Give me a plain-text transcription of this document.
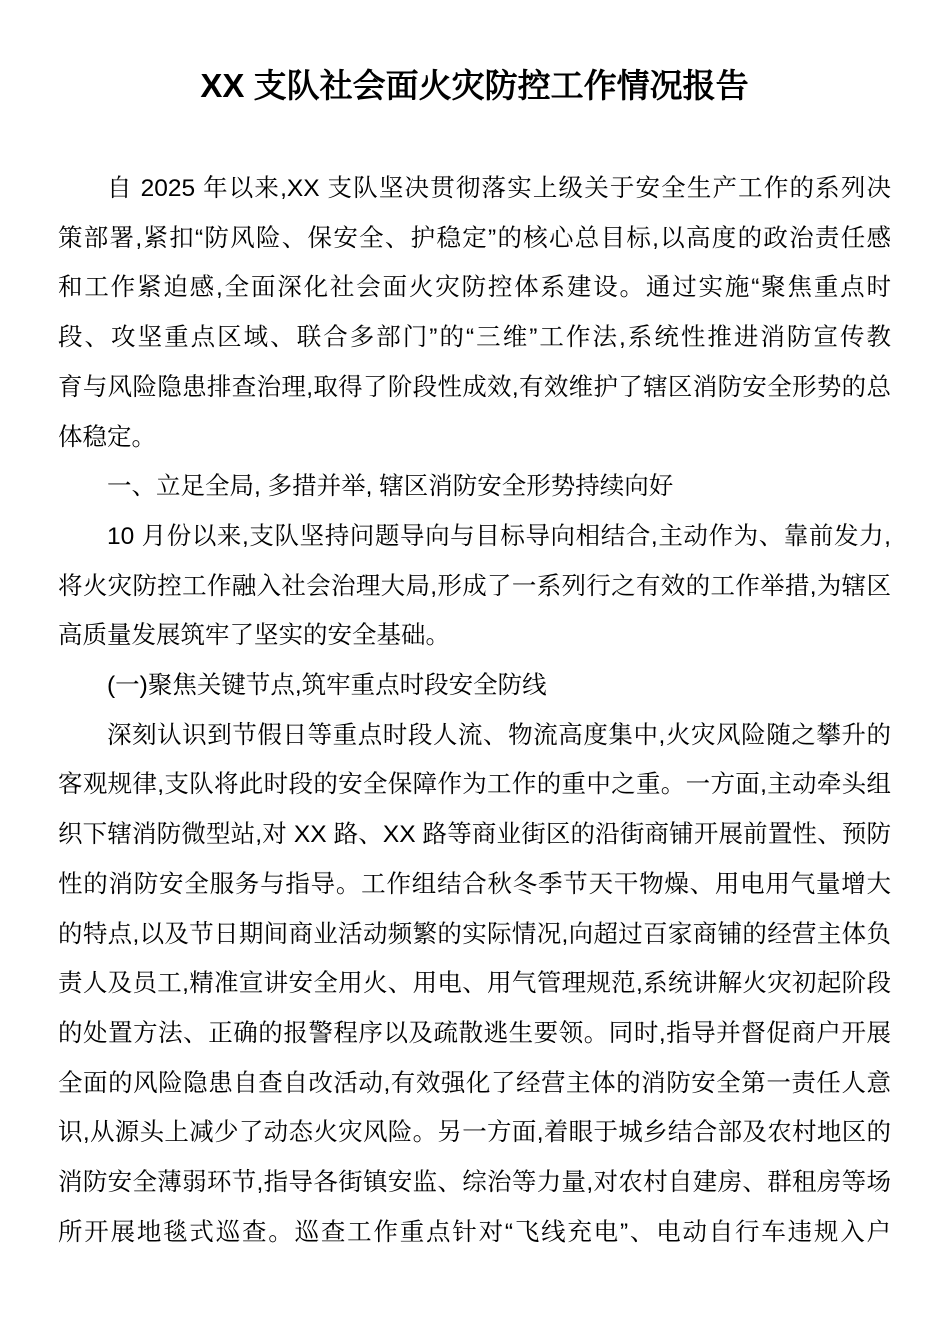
XX 支队社会面火灾防控工作情况报告
自 2025 年以来,XX 支队坚决贯彻落实上级关于安全生产工作的系列决
策部署,紧扣“防风险、保安全、护稳定”的核心总目标,以高度的政治责任感
和工作紧迫感,全面深化社会面火灾防控体系建设。通过实施“聚焦重点时
段、攻坚重点区域、联合多部门”的“三维”工作法,系统性推进消防宣传教
育与风险隐患排查治理,取得了阶段性成效,有效维护了辖区消防安全形势的总
体稳定。
一、立足全局, 多措并举, 辖区消防安全形势持续向好
10 月份以来,支队坚持问题导向与目标导向相结合,主动作为、靠前发力,
将火灾防控工作融入社会治理大局,形成了一系列行之有效的工作举措,为辖区
高质量发展筑牢了坚实的安全基础。
(一)聚焦关键节点,筑牢重点时段安全防线
深刻认识到节假日等重点时段人流、物流高度集中,火灾风险随之攀升的
客观规律,支队将此时段的安全保障作为工作的重中之重。一方面,主动牵头组
织下辖消防微型站,对 XX 路、XX 路等商业街区的沿街商铺开展前置性、预防
性的消防安全服务与指导。工作组结合秋冬季节天干物燥、用电用气量增大
的特点,以及节日期间商业活动频繁的实际情况,向超过百家商铺的经营主体负
责人及员工,精准宣讲安全用火、用电、用气管理规范,系统讲解火灾初起阶段
的处置方法、正确的报警程序以及疏散逃生要领。同时,指导并督促商户开展
全面的风险隐患自查自改活动,有效强化了经营主体的消防安全第一责任人意
识,从源头上减少了动态火灾风险。另一方面,着眼于城乡结合部及农村地区的
消防安全薄弱环节,指导各街镇安监、综治等力量,对农村自建房、群租房等场
所开展地毯式巡查。巡查工作重点针对“飞线充电”、电动自行车违规入户
